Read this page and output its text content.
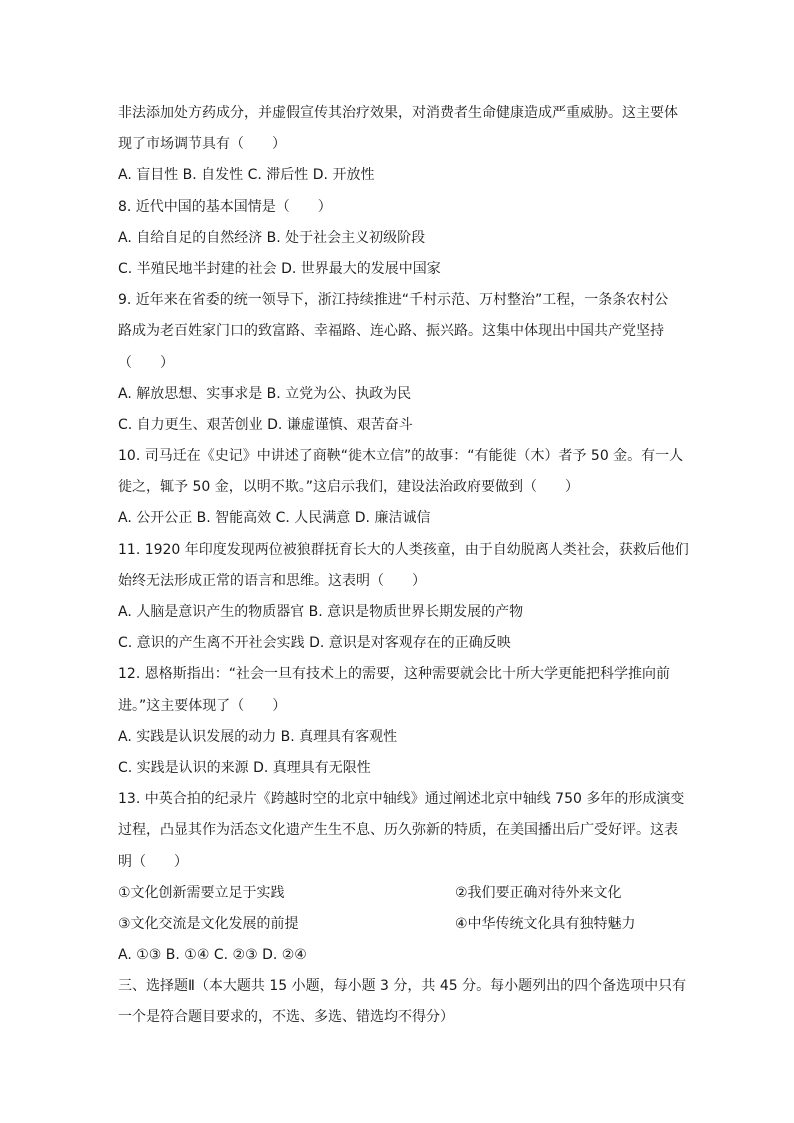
非法添加处方药成分，并虚假宣传其治疗效果，对消费者生命健康造成严重威胁。这主要体
现了市场调节具有（　　）
A. 盲目性 B. 自发性 C. 滞后性 D. 开放性
8. 近代中国的基本国情是（　　）
A. 自给自足的自然经济 B. 处于社会主义初级阶段
C. 半殖民地半封建的社会 D. 世界最大的发展中国家
9. 近年来在省委的统一领导下，浙江持续推进“千村示范、万村整治”工程，一条条农村公
路成为老百姓家门口的致富路、幸福路、连心路、振兴路。这集中体现出中国共产党坚持
（　　）
A. 解放思想、实事求是 B. 立党为公、执政为民
C. 自力更生、艰苦创业 D. 谦虚谨慎、艰苦奋斗
10. 司马迁在《史记》中讲述了商鞅“徙木立信”的故事：“有能徙（木）者予 50 金。有一人
徙之，辄予 50 金，以明不欺。”这启示我们，建设法治政府要做到（　　）
A. 公开公正 B. 智能高效 C. 人民满意 D. 廉洁诚信
11. 1920 年印度发现两位被狼群抚育长大的人类孩童，由于自幼脱离人类社会，获救后他们
始终无法形成正常的语言和思维。这表明（　　）
A. 人脑是意识产生的物质器官 B. 意识是物质世界长期发展的产物
C. 意识的产生离不开社会实践 D. 意识是对客观存在的正确反映
12. 恩格斯指出：“社会一旦有技术上的需要，这种需要就会比十所大学更能把科学推向前
进。”这主要体现了（　　）
A. 实践是认识发展的动力 B. 真理具有客观性
C. 实践是认识的来源 D. 真理具有无限性
13. 中英合拍的纪录片《跨越时空的北京中轴线》通过阐述北京中轴线 750 多年的形成演变
过程，凸显其作为活态文化遗产生生不息、历久弥新的特质，在美国播出后广受好评。这表
明（　　）
①文化创新需要立足于实践	②我们要正确对待外来文化
③文化交流是文化发展的前提	④中华传统文化具有独特魅力
A. ①③ B. ①④ C. ②③ D. ②④
三、选择题Ⅱ（本大题共 15 小题，每小题 3 分，共 45 分。每小题列出的四个备选项中只有
一个是符合题目要求的，不选、多选、错选均不得分）
